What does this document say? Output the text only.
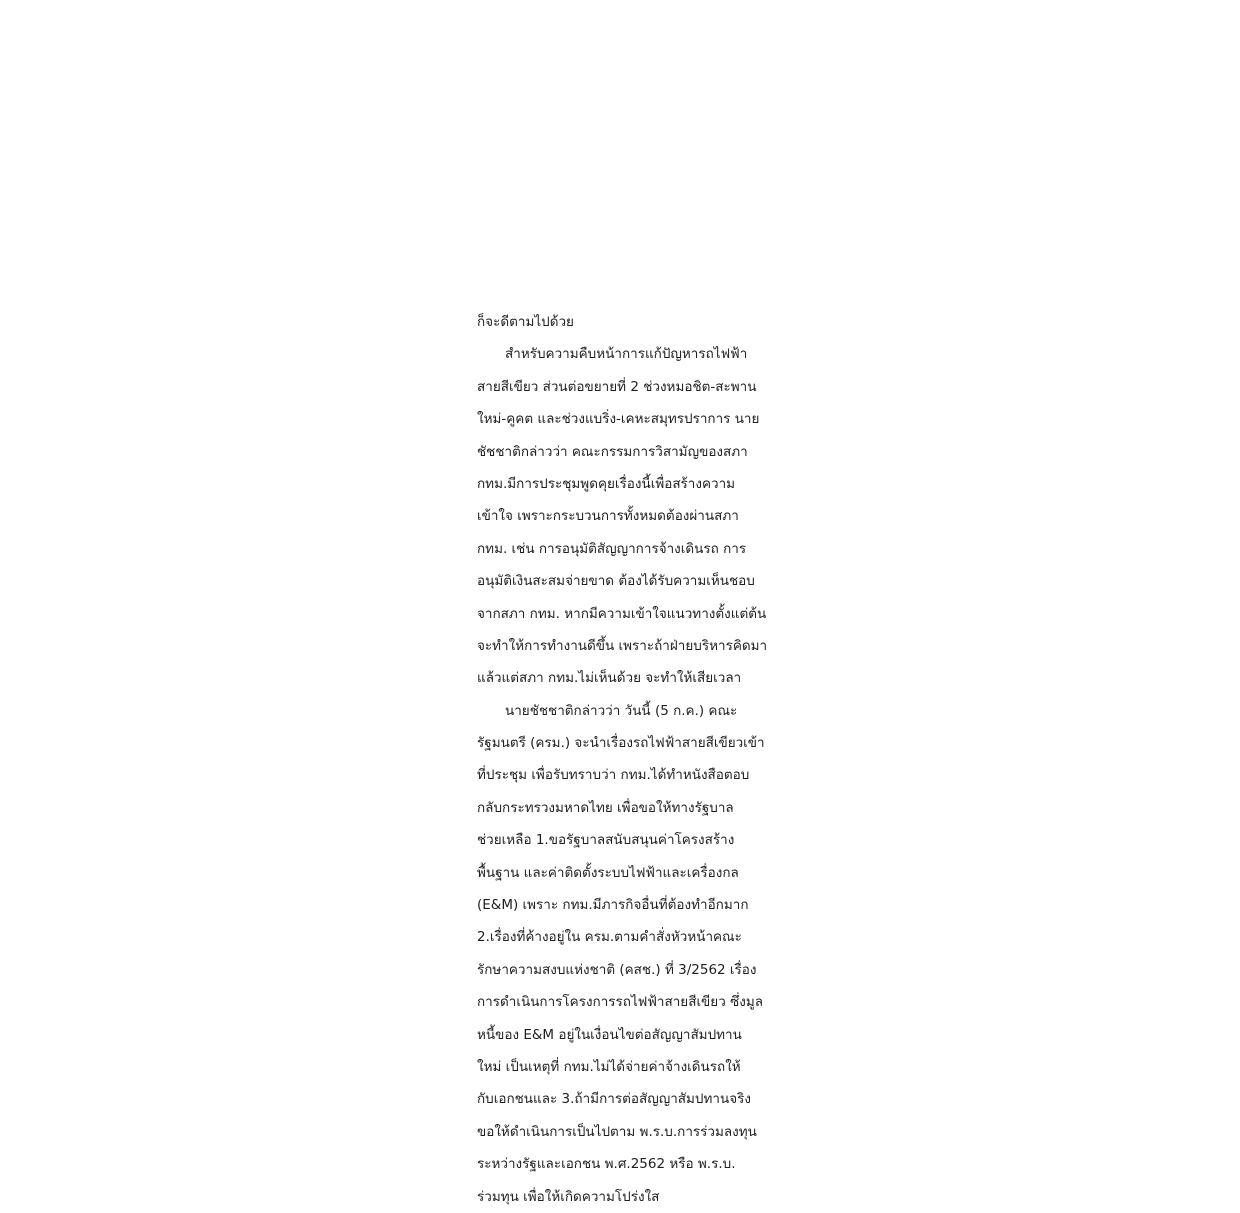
ก็จะดีตามไปด้วย
สำหรับความคืบหน้าการแก้ปัญหารถไฟฟ้า
สายสีเขียว ส่วนต่อขยายที่ 2 ช่วงหมอชิต-สะพาน
ใหม่-คูคต และช่วงแบริ่ง-เคหะสมุทรปราการ นาย
ชัชชาติกล่าวว่า คณะกรรมการวิสามัญของสภา
กทม.มีการประชุมพูดคุยเรื่องนี้เพื่อสร้างความ
เข้าใจ เพราะกระบวนการทั้งหมดต้องผ่านสภา
กทม. เช่น การอนุมัติสัญญาการจ้างเดินรถ การ
อนุมัติเงินสะสมจ่ายขาด ต้องได้รับความเห็นชอบ
จากสภา กทม. หากมีความเข้าใจแนวทางตั้งแต่ต้น
จะทำให้การทำงานดีขึ้น เพราะถ้าฝ่ายบริหารคิดมา
แล้วแต่สภา กทม.ไม่เห็นด้วย จะทำให้เสียเวลา
นายชัชชาติกล่าวว่า วันนี้ (5 ก.ค.) คณะ
รัฐมนตรี (ครม.) จะนำเรื่องรถไฟฟ้าสายสีเขียวเข้า
ที่ประชุม เพื่อรับทราบว่า กทม.ได้ทำหนังสือตอบ
กลับกระทรวงมหาดไทย เพื่อขอให้ทางรัฐบาล
ช่วยเหลือ 1.ขอรัฐบาลสนับสนุนค่าโครงสร้าง
พื้นฐาน และค่าติดตั้งระบบไฟฟ้าและเครื่องกล
(E&M) เพราะ กทม.มีภารกิจอื่นที่ต้องทำอีกมาก
2.เรื่องที่ค้างอยู่ใน ครม.ตามคำสั่งหัวหน้าคณะ
รักษาความสงบแห่งชาติ (คสช.) ที่ 3/2562 เรื่อง
การดำเนินการโครงการรถไฟฟ้าสายสีเขียว ซึ่งมูล
หนี้ของ E&M อยู่ในเงื่อนไขต่อสัญญาสัมปทาน
ใหม่ เป็นเหตุที่ กทม.ไม่ได้จ่ายค่าจ้างเดินรถให้
กับเอกชนและ 3.ถ้ามีการต่อสัญญาสัมปทานจริง
ขอให้ดำเนินการเป็นไปตาม พ.ร.บ.การร่วมลงทุน
ระหว่างรัฐและเอกชน พ.ศ.2562 หรือ พ.ร.บ.
ร่วมทุน เพื่อให้เกิดความโปร่งใส
